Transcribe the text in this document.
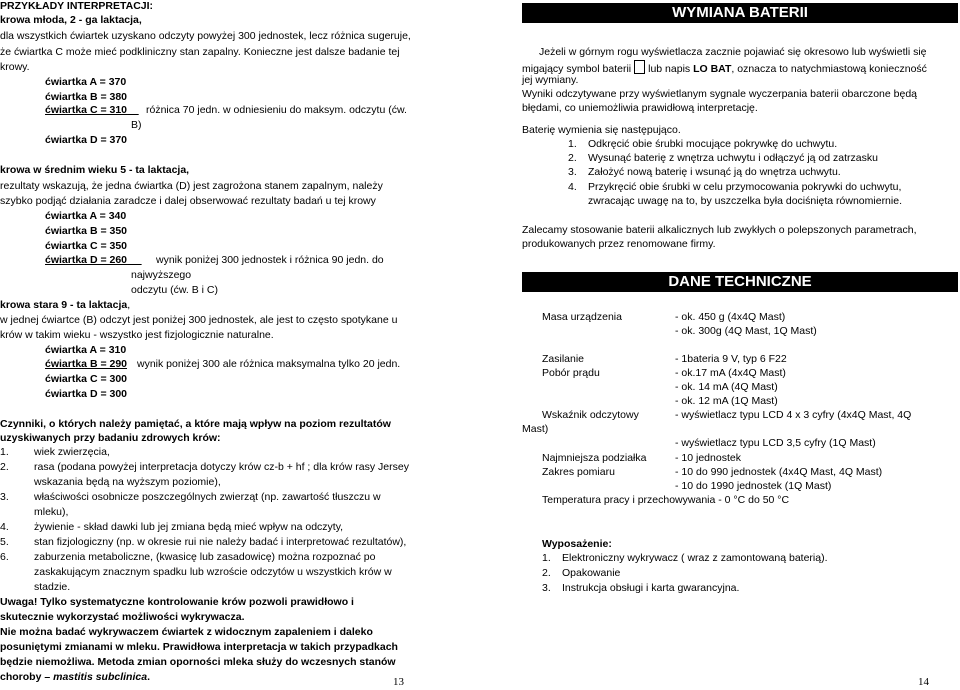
PRZYKŁADY INTERPRETACJI:
krowa młoda, 2 - ga laktacja,
dla wszystkich ćwiartek uzyskano odczyty powyżej 300 jednostek, lecz różnica sugeruje,
że ćwiartka C może mieć podkliniczny stan zapalny. Konieczne jest dalsze badanie tej
krowy.
ćwiartka A = 370
ćwiartka B = 380
ćwiartka C = 310	różnica 70 jedn. w odniesieniu do maksym. odczytu (ćw.
B)
ćwiartka D = 370
krowa w średnim wieku 5 - ta laktacja,
rezultaty wskazują, że jedna ćwiartka (D) jest zagrożona stanem zapalnym, należy
szybko podjąć działania zaradcze i dalej obserwować rezultaty badań u tej krowy
ćwiartka A = 340
ćwiartka B = 350
ćwiartka C = 350
ćwiartka D = 260	wynik poniżej 300 jednostek i różnica 90 jedn. do
najwyższego
odczytu (ćw. B i C)
krowa stara 9 - ta laktacja,
w jednej ćwiartce (B) odczyt jest poniżej 300 jednostek, ale jest to często spotykane u
krów w takim wieku - wszystko jest fizjologicznie naturalne.
ćwiartka A = 310
ćwiartka B = 290 wynik poniżej 300 ale różnica maksymalna tylko 20 jedn.
ćwiartka C = 300
ćwiartka D = 300
Czynniki, o których należy pamiętać, a które mają wpływ na poziom rezultatów
uzyskiwanych przy badaniu zdrowych krów:
1. wiek zwierzęcia,
2. rasa (podana powyżej interpretacja dotyczy krów cz-b + hf ; dla krów rasy Jersey
wskazania będą na wyższym poziomie),
3. właściwości osobnicze poszczególnych zwierząt (np. zawartość tłuszczu w
mleku),
4. żywienie - skład dawki lub jej zmiana będą mieć wpływ na odczyty,
5. stan fizjologiczny (np. w okresie rui nie należy badać i interpretować rezultatów),
6. zaburzenia metaboliczne, (kwasicę lub zasadowicę) można rozpoznać po
zaskakującym znacznym spadku lub wzroście odczytów u wszystkich krów w
stadzie.
Uwaga! Tylko systematyczne kontrolowanie krów pozwoli prawidłowo i
skutecznie wykorzystać możliwości wykrywacza.
Nie można badać wykrywaczem ćwiartek z widocznym zapaleniem i daleko
posuniętymi zmianami w mleku. Prawidłowa interpretacja w takich przypadkach
będzie niemożliwa. Metoda zmian oporności mleka służy do wczesnych stanów
choroby – mastitis subclinica.	13
WYMIANA BATERII
Jeżeli w górnym rogu wyświetlacza zacznie pojawiać się okresowo lub wyświetli się
migający symbol baterii lub napis LO BAT, oznacza to natychmiastową konieczność
jej wymiany.
Wyniki odczytywane przy wyświetlanym sygnale wyczerpania baterii obarczone będą
błędami, co uniemożliwia prawidłową interpretację.
Baterię wymienia się następująco.
1. Odkręcić obie śrubki mocujące pokrywkę do uchwytu.
2. Wysunąć baterię z wnętrza uchwytu i odłączyć ją od zatrzasku
3. Założyć nową baterię i wsunąć ją do wnętrza uchwytu.
4. Przykręcić obie śrubki w celu przymocowania pokrywki do uchwytu,
zwracając uwagę na to, by uszczelka była dociśnięta równomiernie.
Zalecamy stosowanie baterii alkalicznych lub zwykłych o polepszonych parametrach,
produkowanych przez renomowane firmy.
DANE TECHNICZNE
Masa urządzenia	- ok. 450 g (4x4Q Mast)
- ok. 300g (4Q Mast, 1Q Mast)
Zasilanie	- 1bateria 9 V, typ 6 F22
Pobór prądu	- ok.17 mA (4x4Q Mast)
- ok. 14 mA (4Q Mast)
- ok. 12 mA (1Q Mast)
Wskaźnik odczytowy	- wyświetlacz typu LCD 4 x 3 cyfry (4x4Q Mast, 4Q
Mast)
- wyświetlacz typu LCD 3,5 cyfry (1Q Mast)
Najmniejsza podziałka	- 10 jednostek
Zakres pomiaru	- 10 do 990 jednostek (4x4Q Mast, 4Q Mast)
- 10 do 1990 jednostek (1Q Mast)
Temperatura pracy i przechowywania - 0 °C do 50 °C
Wyposażenie:
1. Elektroniczny wykrywacz ( wraz z zamontowaną baterią).
2. Opakowanie
3. Instrukcja obsługi i karta gwarancyjna.
14
